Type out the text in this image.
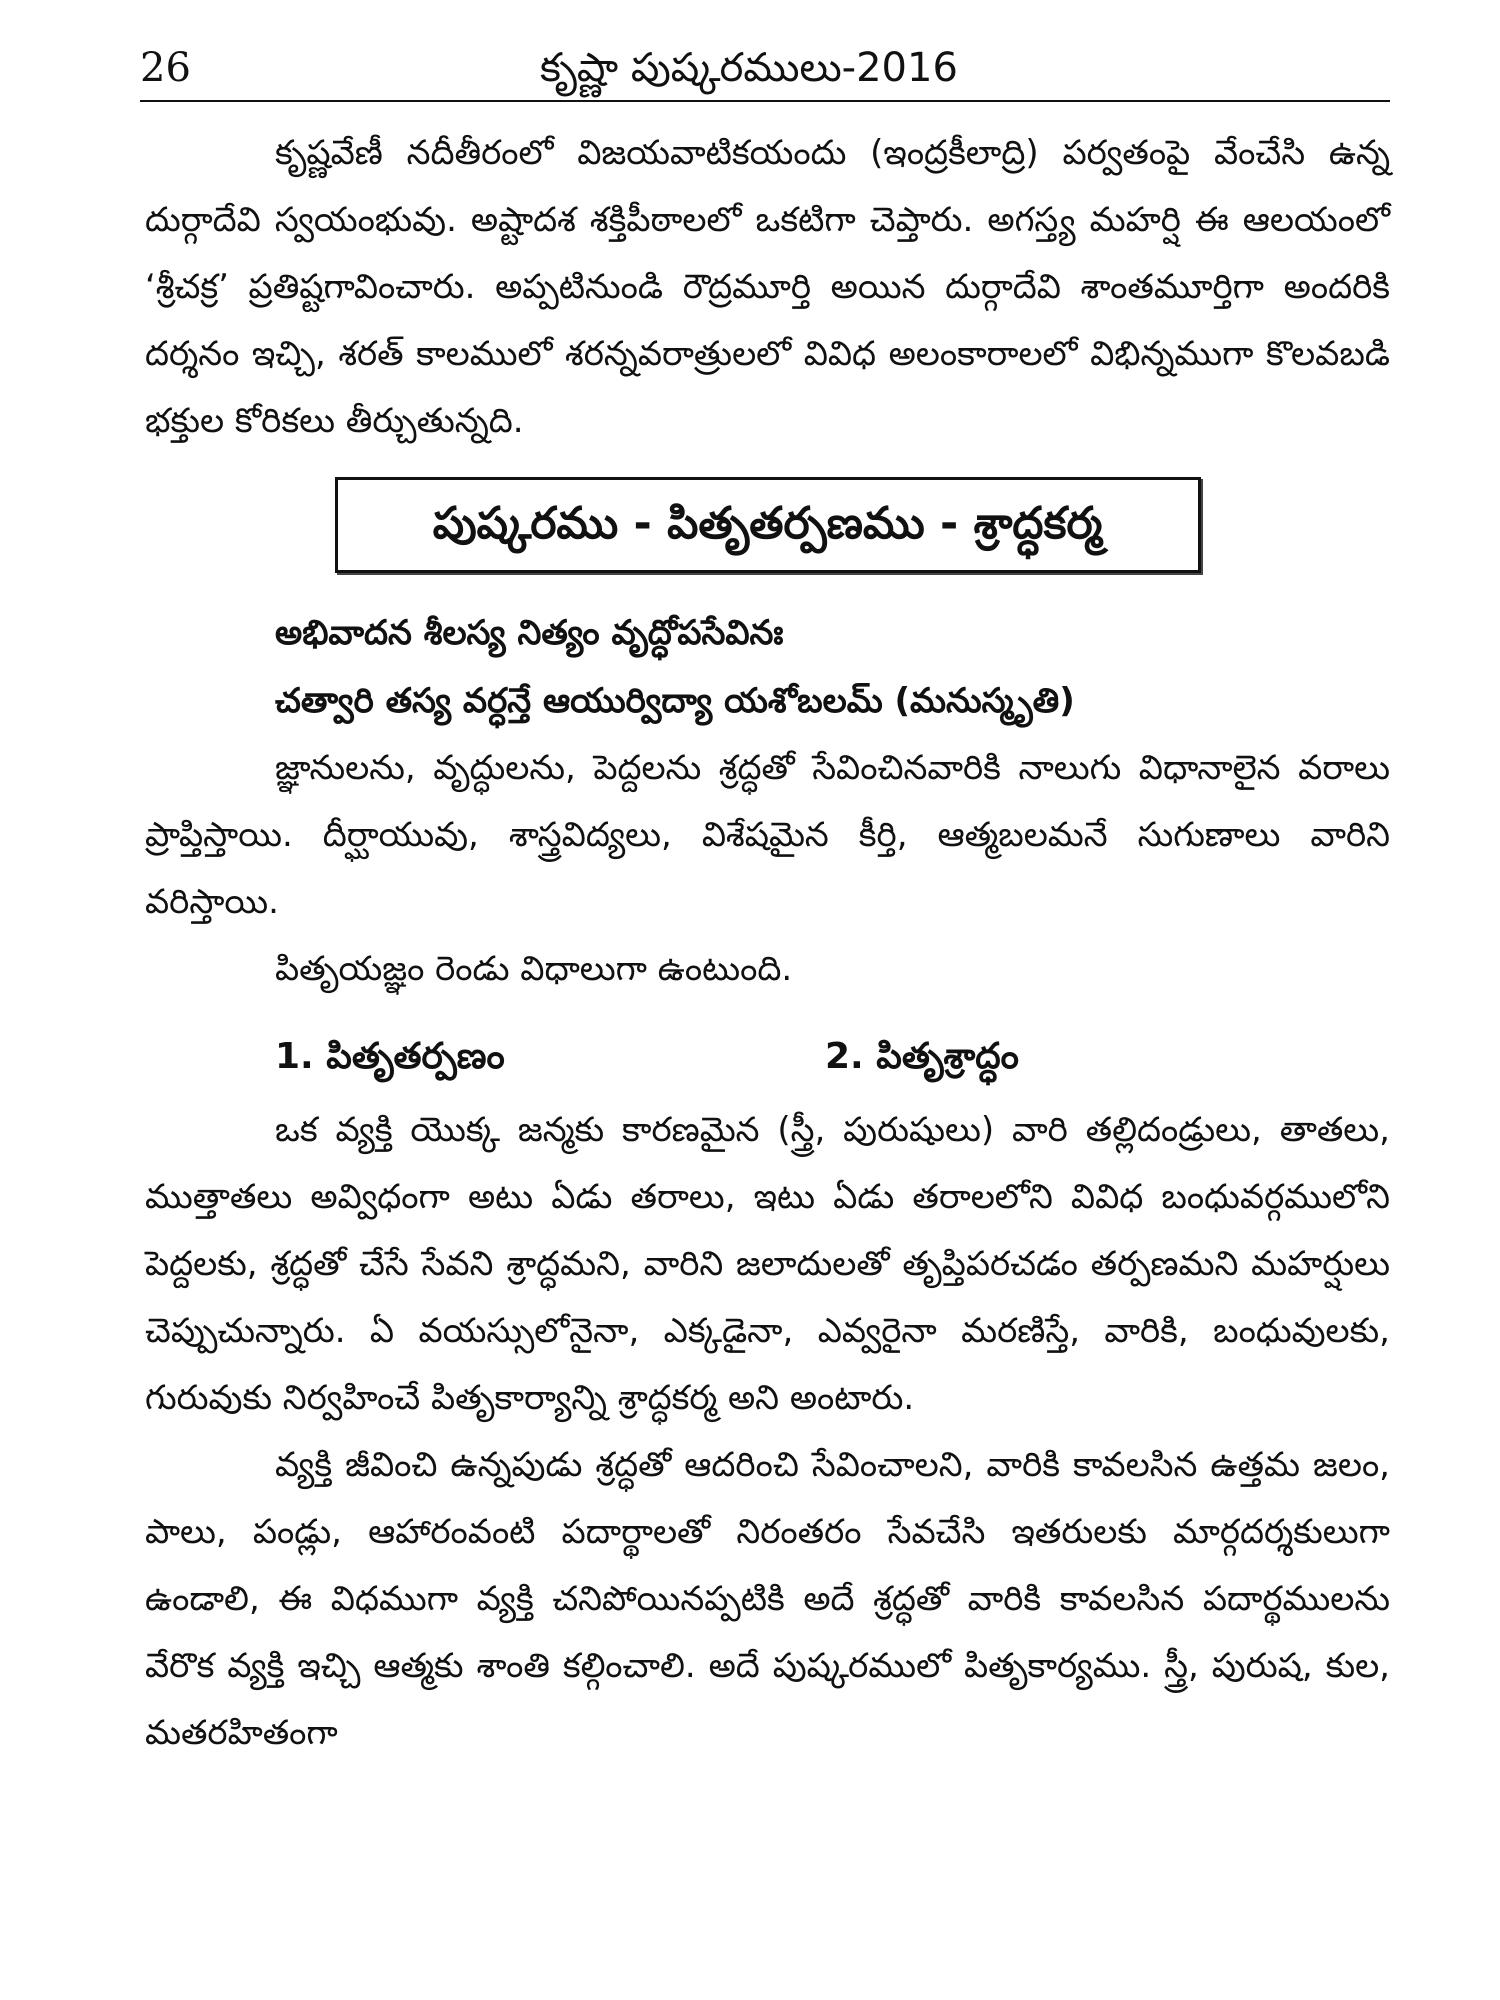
26	కృష్ణా పుష్కరములు-2016

కృష్ణవేణీ నదీతీరంలో విజయవాటికయందు (ఇంద్రకీలాద్రి) పర్వతంపై వేంచేసి ఉన్న దుర్గాదేవి స్వయంభువు. అష్టాదశ శక్తిపీఠాలలో ఒకటిగా చెప్తారు. అగస్త్య మహర్షి ఈ ఆలయంలో ‘శ్రీచక్ర’ ప్రతిష్టగావించారు. అప్పటినుండి రౌద్రమూర్తి అయిన దుర్గాదేవి శాంతమూర్తిగా అందరికి దర్శనం ఇచ్చి, శరత్ కాలములో శరన్నవరాత్రులలో వివిధ అలంకారాలలో విభిన్నముగా కొలవబడి భక్తుల కోరికలు తీర్చుతున్నది.

పుష్కరము - పితృతర్పణము - శ్రాద్ధకర్మ

అభివాదన శీలస్య నిత్యం వృద్ధోపసేవినః

చత్వారి తస్య వర్ధన్తే ఆయుర్విద్యా యశోబలమ్ (మనుస్మృతి)

జ్ఞానులను, వృద్ధులను, పెద్దలను శ్రద్ధతో సేవించినవారికి నాలుగు విధానాలైన వరాలు ప్రాప్తిస్తాయి. దీర్ఘాయువు, శాస్త్రవిద్యలు, విశేషమైన కీర్తి, ఆత్మబలమనే సుగుణాలు వారిని వరిస్తాయి.

పితృయజ్ఞం రెండు విధాలుగా ఉంటుంది.

1. పితృతర్పణం	2. పితృశ్రాద్ధం

ఒక వ్యక్తి యొక్క జన్మకు కారణమైన (స్త్రీ, పురుషులు) వారి తల్లిదండ్రులు, తాతలు, ముత్తాతలు అవ్విధంగా అటు ఏడు తరాలు, ఇటు ఏడు తరాలలోని వివిధ బంధువర్గములోని పెద్దలకు, శ్రద్ధతో చేసే సేవని శ్రాద్ధమని, వారిని జలాదులతో తృప్తిపరచడం తర్పణమని మహర్షులు చెప్పుచున్నారు. ఏ వయస్సులోనైనా, ఎక్కడైనా, ఎవ్వరైనా మరణిస్తే, వారికి, బంధువులకు, గురువుకు నిర్వహించే పితృకార్యాన్ని శ్రాద్ధకర్మ అని అంటారు.

వ్యక్తి జీవించి ఉన్నపుడు శ్రద్ధతో ఆదరించి సేవించాలని, వారికి కావలసిన ఉత్తమ జలం, పాలు, పండ్లు, ఆహారంవంటి పదార్థాలతో నిరంతరం సేవచేసి ఇతరులకు మార్గదర్శకులుగా ఉండాలి, ఈ విధముగా వ్యక్తి చనిపోయినప్పటికి అదే శ్రద్ధతో వారికి కావలసిన పదార్థములను వేరొక వ్యక్తి ఇచ్చి ఆత్మకు శాంతి కల్గించాలి. అదే పుష్కరములో పితృకార్యము. స్త్రీ, పురుష, కుల, మతరహితంగా
